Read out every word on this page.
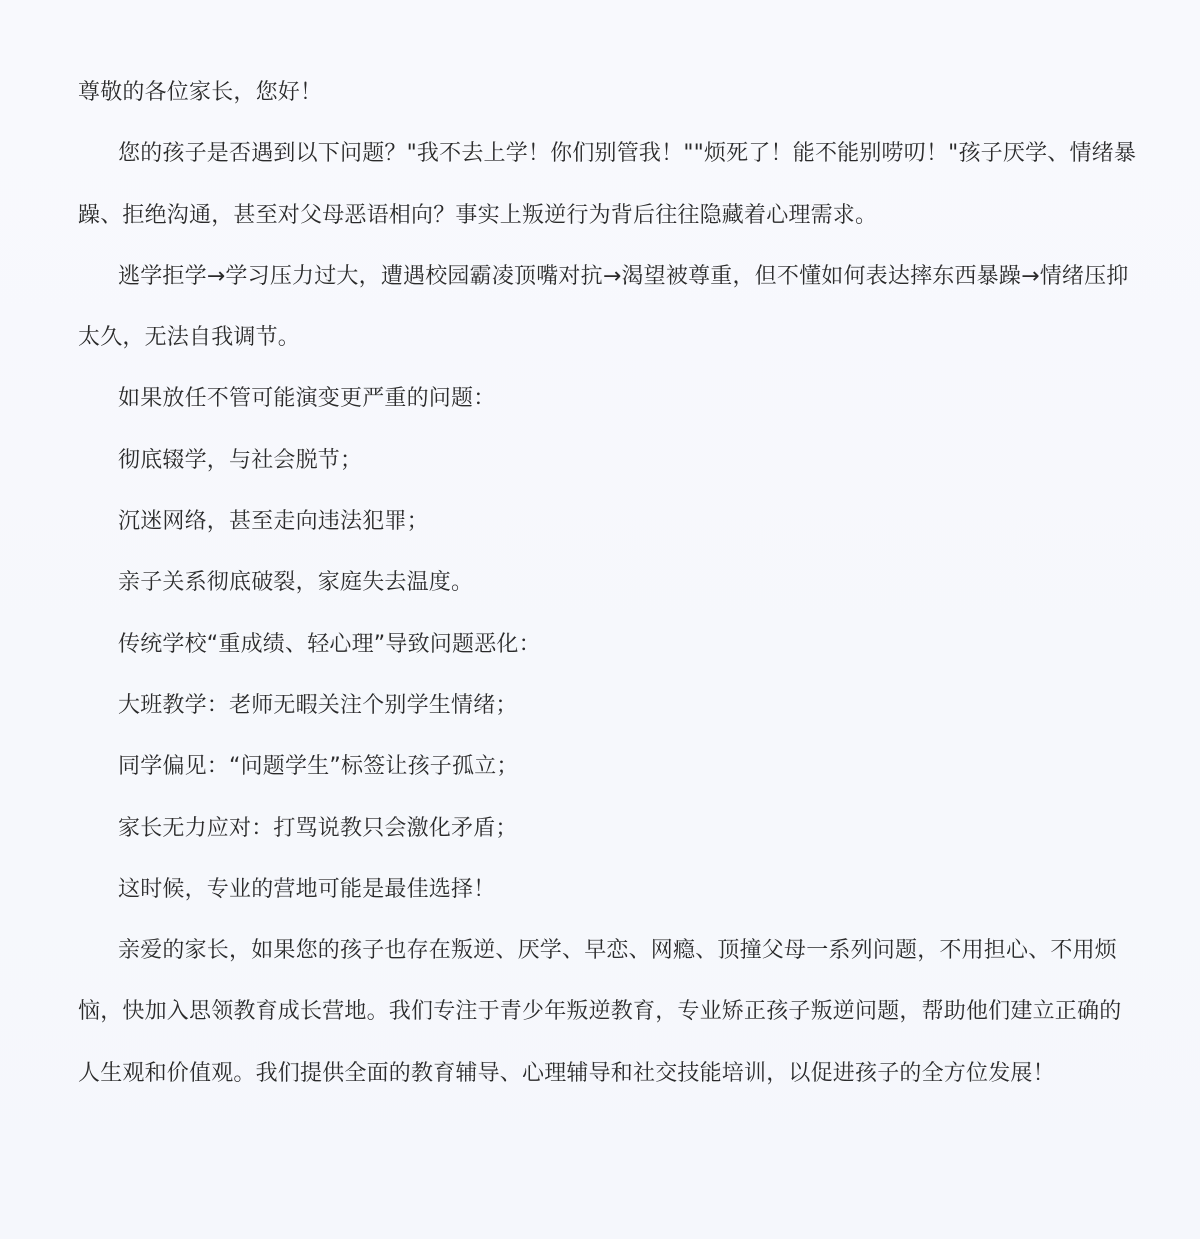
尊敬的各位家长，您好！

您的孩子是否遇到以下问题？"我不去上学！你们别管我！""烦死了！能不能别唠叨！"孩子厌学、情绪暴躁、拒绝沟通，甚至对父母恶语相向？事实上叛逆行为背后往往隐藏着心理需求。

逃学拒学→学习压力过大，遭遇校园霸凌顶嘴对抗→渴望被尊重，但不懂如何表达摔东西暴躁→情绪压抑太久，无法自我调节。

如果放任不管可能演变更严重的问题：

彻底辍学，与社会脱节；

沉迷网络，甚至走向违法犯罪；

亲子关系彻底破裂，家庭失去温度。

传统学校“重成绩、轻心理”导致问题恶化：

大班教学：老师无暇关注个别学生情绪；

同学偏见：“问题学生”标签让孩子孤立；

家长无力应对：打骂说教只会激化矛盾；

这时候，专业的营地可能是最佳选择！

亲爱的家长，如果您的孩子也存在叛逆、厌学、早恋、网瘾、顶撞父母一系列问题，不用担心、不用烦恼，快加入思领教育成长营地。我们专注于青少年叛逆教育，专业矫正孩子叛逆问题，帮助他们建立正确的人生观和价值观。我们提供全面的教育辅导、心理辅导和社交技能培训，以促进孩子的全方位发展！
